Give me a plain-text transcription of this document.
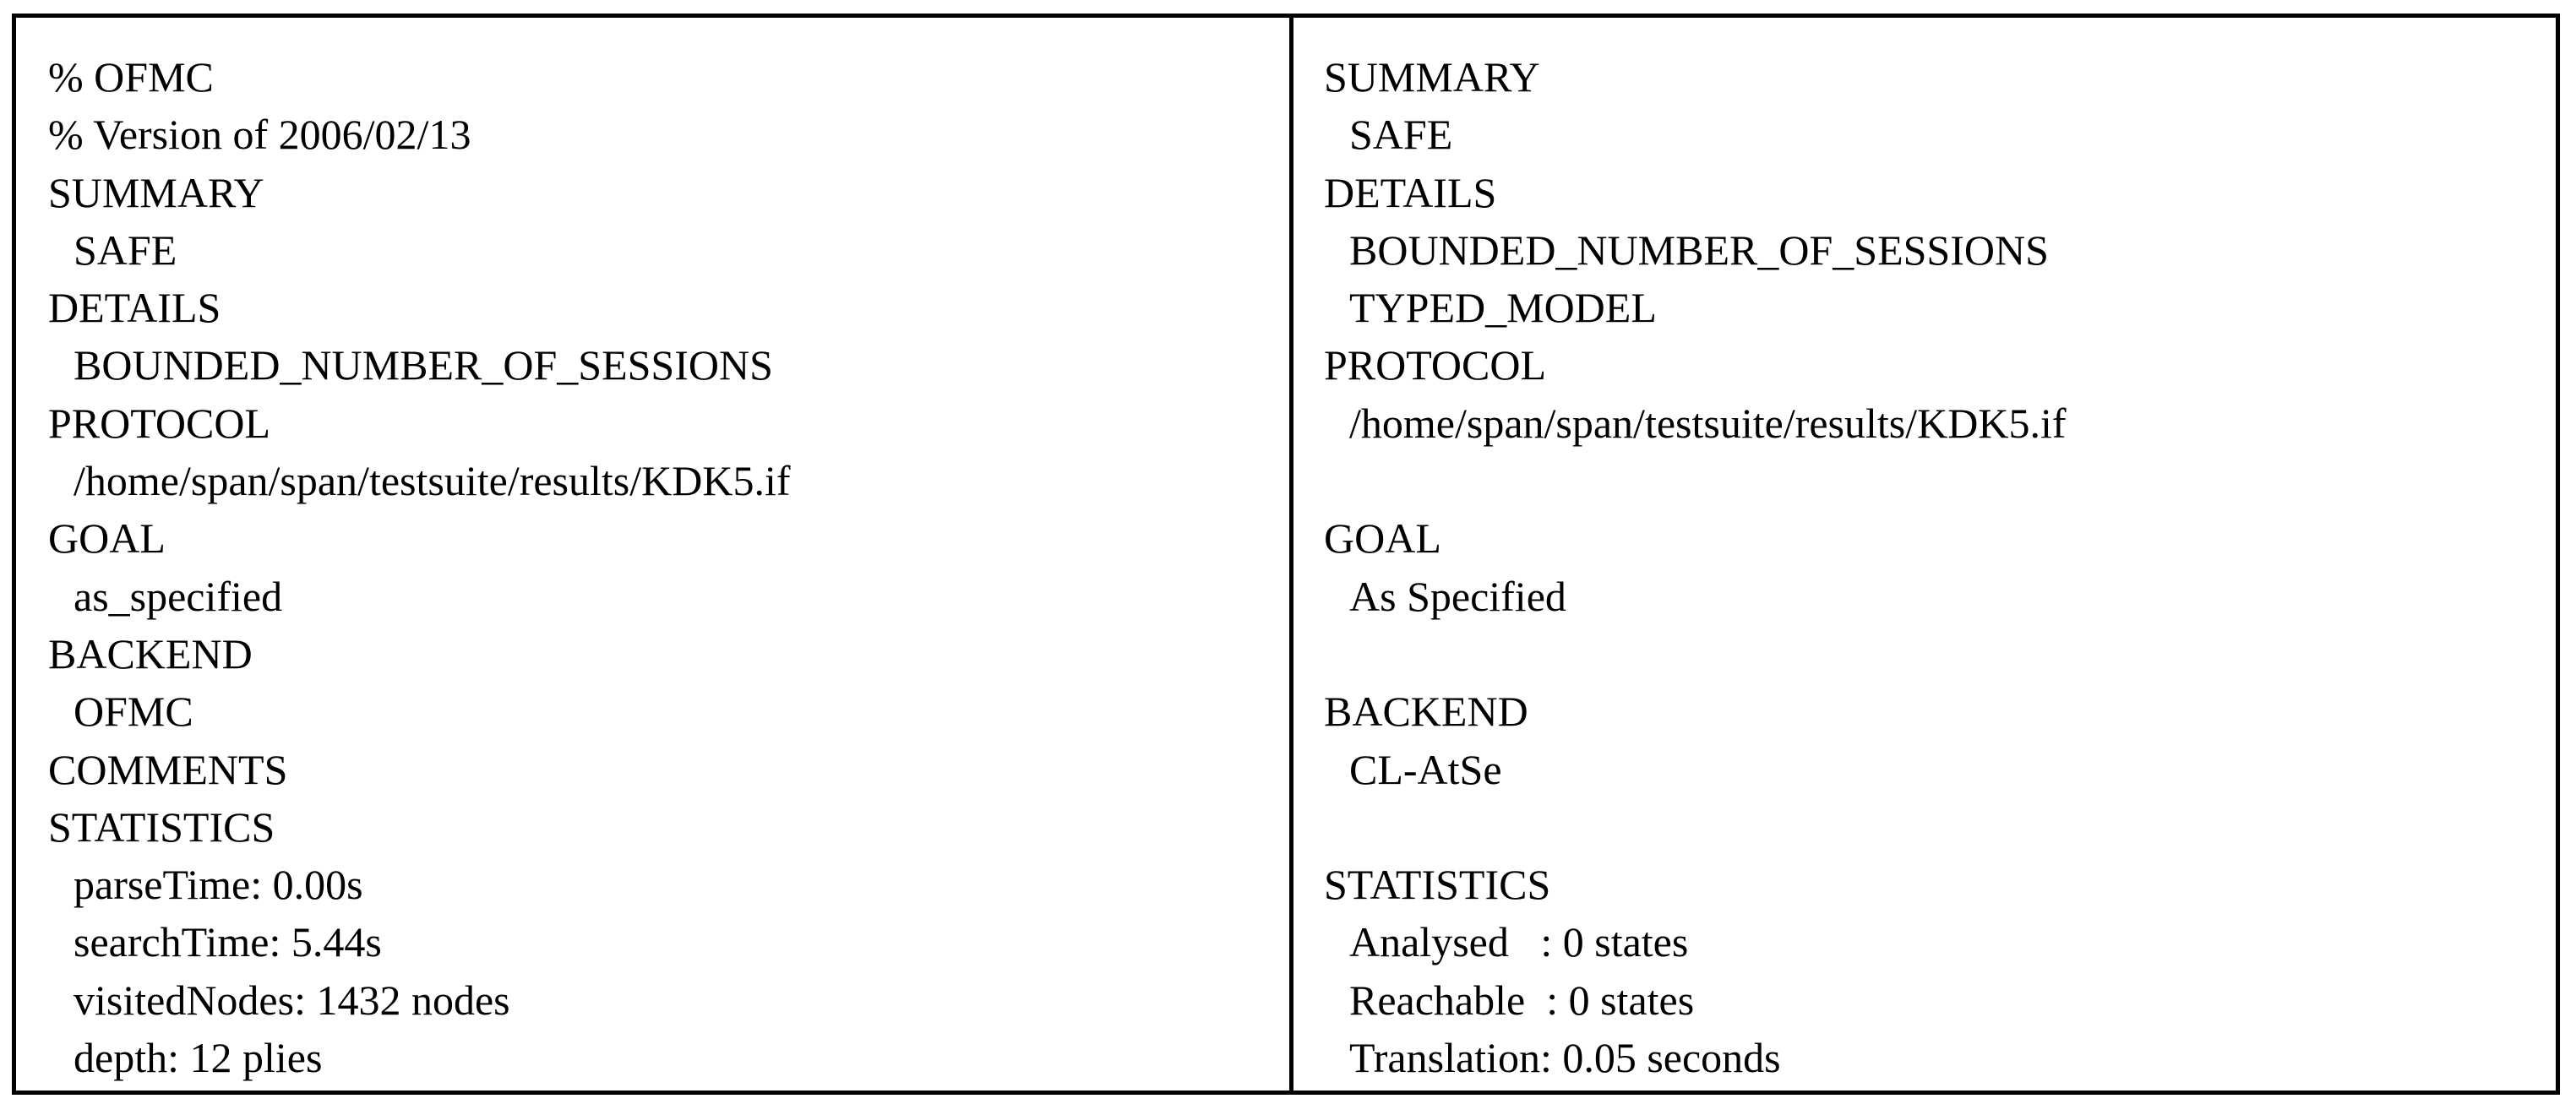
% OFMC
% Version of 2006/02/13
SUMMARY
SAFE
DETAILS
BOUNDED_NUMBER_OF_SESSIONS
PROTOCOL
/home/span/span/testsuite/results/KDK5.if
GOAL
as_specified
BACKEND
OFMC
COMMENTS
STATISTICS
parseTime: 0.00s
searchTime: 5.44s
visitedNodes: 1432 nodes
depth: 12 plies
SUMMARY
SAFE
DETAILS
BOUNDED_NUMBER_OF_SESSIONS
TYPED_MODEL
PROTOCOL
/home/span/span/testsuite/results/KDK5.if
GOAL
As Specified
BACKEND
CL-AtSe
STATISTICS
Analysed   : 0 states
Reachable  : 0 states
Translation: 0.05 seconds
